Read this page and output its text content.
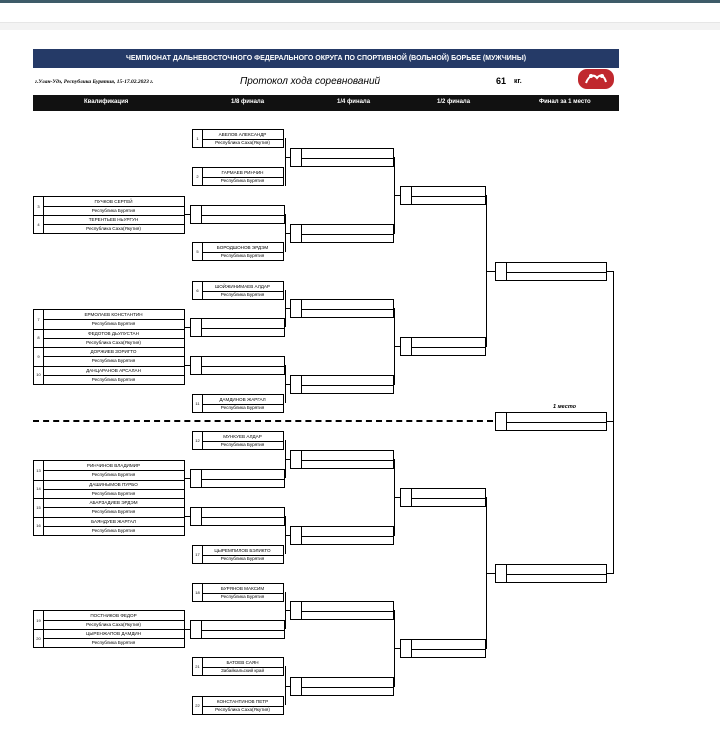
ЧЕМПИОНАТ ДАЛЬНЕВОСТОЧНОГО ФЕДЕРАЛЬНОГО ОКРУГА ПО СПОРТИВНОЙ (ВОЛЬНОЙ) БОРЬБЕ (МУЖЧИНЫ)
г.Улан-Удэ, Республика Бурятия, 15-17.02.2023 г.	Протокол хода соревнований	61 кг.
Квалификация	1/8 финала	1/4 финала	1/2 финала	Финал за 1 место
3
4
ПУЧКОВ СЕРГЕЙ
Республика Бурятия
ТЕРЕНТЬЕВ НЬУРГУН
Республика Саха(Якутия)
7
8
9
10
ЕРМОЛАЕВ КОНСТАНТИН
Республика Бурятия
ФЕДОТОВ ДЬУЛУСТАН
Республика Саха(Якутия)
ДОРЖИЕВ ЗОРИГТО
Республика Бурятия
ДАНЦАРАНОВ АРСАЛАН
Республика Бурятия
13
14
15
16
РИНЧИНОВ ВЛАДИМИР
Республика Бурятия
ДАШИНЫМОВ ПУРБО
Республика Бурятия
АБАРЗАДИЕВ ЭРДЭМ
Республика Бурятия
БАЯНДУЕВ ЖАРГАЛ
Республика Бурятия
19
20
ПОСТНИКОВ ФЕДОР
Республика Саха(Якутия)
ЦЫРЕНЖАПОВ ДАМДИН
Республика Бурятия
1
АВЕЛОВ АЛЕКСАНДР
Республика Саха(Якутия)
2
ГАРМАЕВ РИНЧИН
Республика Бурятия
5
БОРОДШОНОВ ЭРДЭМ
Республика Бурятия
6
ШОЙЖИНИМАЕВ АЛДАР
Республика Бурятия
11
ДАМДИНОВ ЖАРГАЛ
Республика Бурятия
12
МУНКУЕВ АЛДАР
Республика Бурятия
17
ЦЫРЕМПИЛОВ БЭЛИКТО
Республика Бурятия
18
БУРЯНОВ МАКСИМ
Республика Бурятия
21
БАТОЕВ САЯН
Забайкальский край
22
КОНСТАНТИНОВ ПЕТР
Республика Саха(Якутия)
1 место
